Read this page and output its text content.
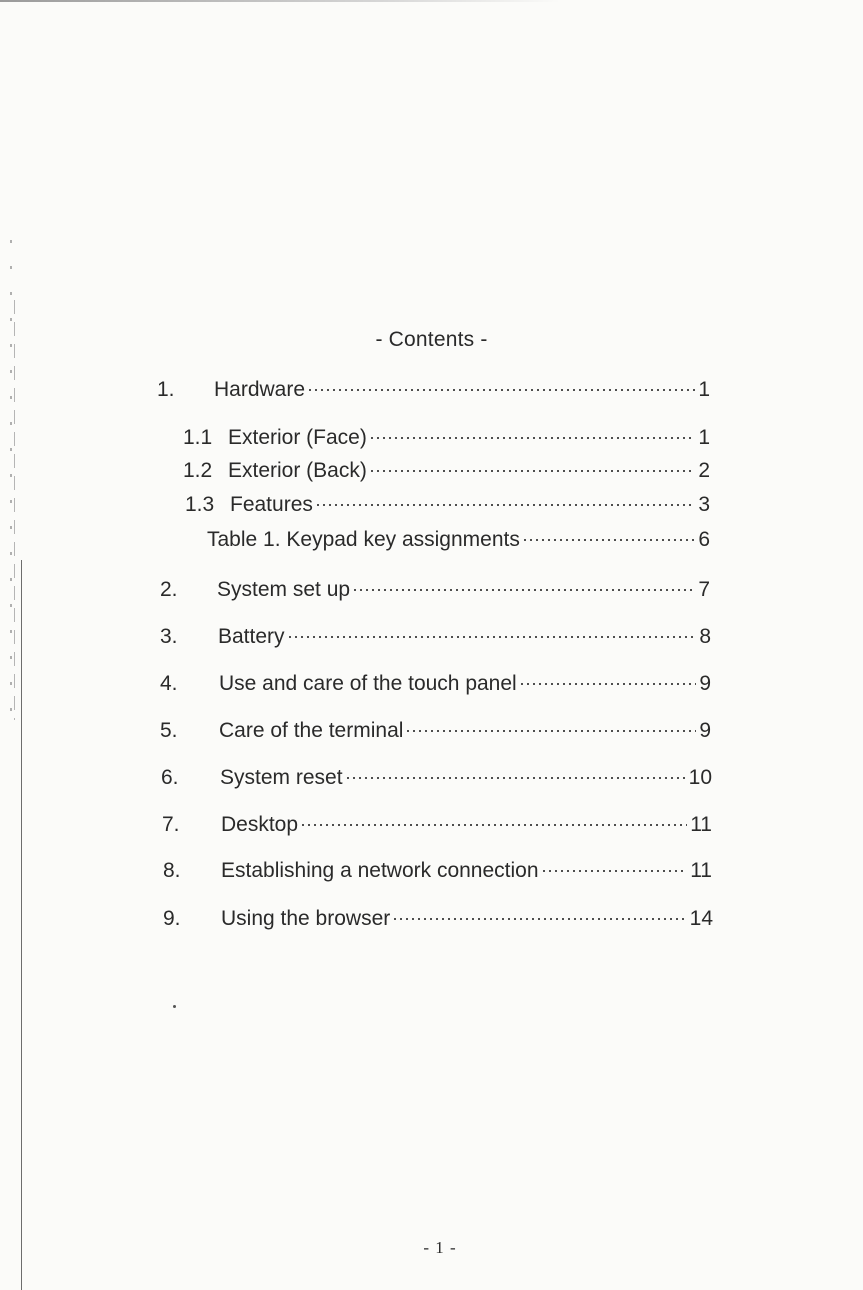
- Contents -
1.	Hardware	1
1.1 Exterior (Face)	1
1.2 Exterior (Back)	2
1.3 Features	3
Table 1. Keypad key assignments	6
2.	System set up	7
3.	Battery	8
4.	Use and care of the touch panel	9
5.	Care of the terminal	9
6.	System reset	10
7.	Desktop	11
8.	Establishing a network connection	11
9.	Using the browser	14
- 1 -
